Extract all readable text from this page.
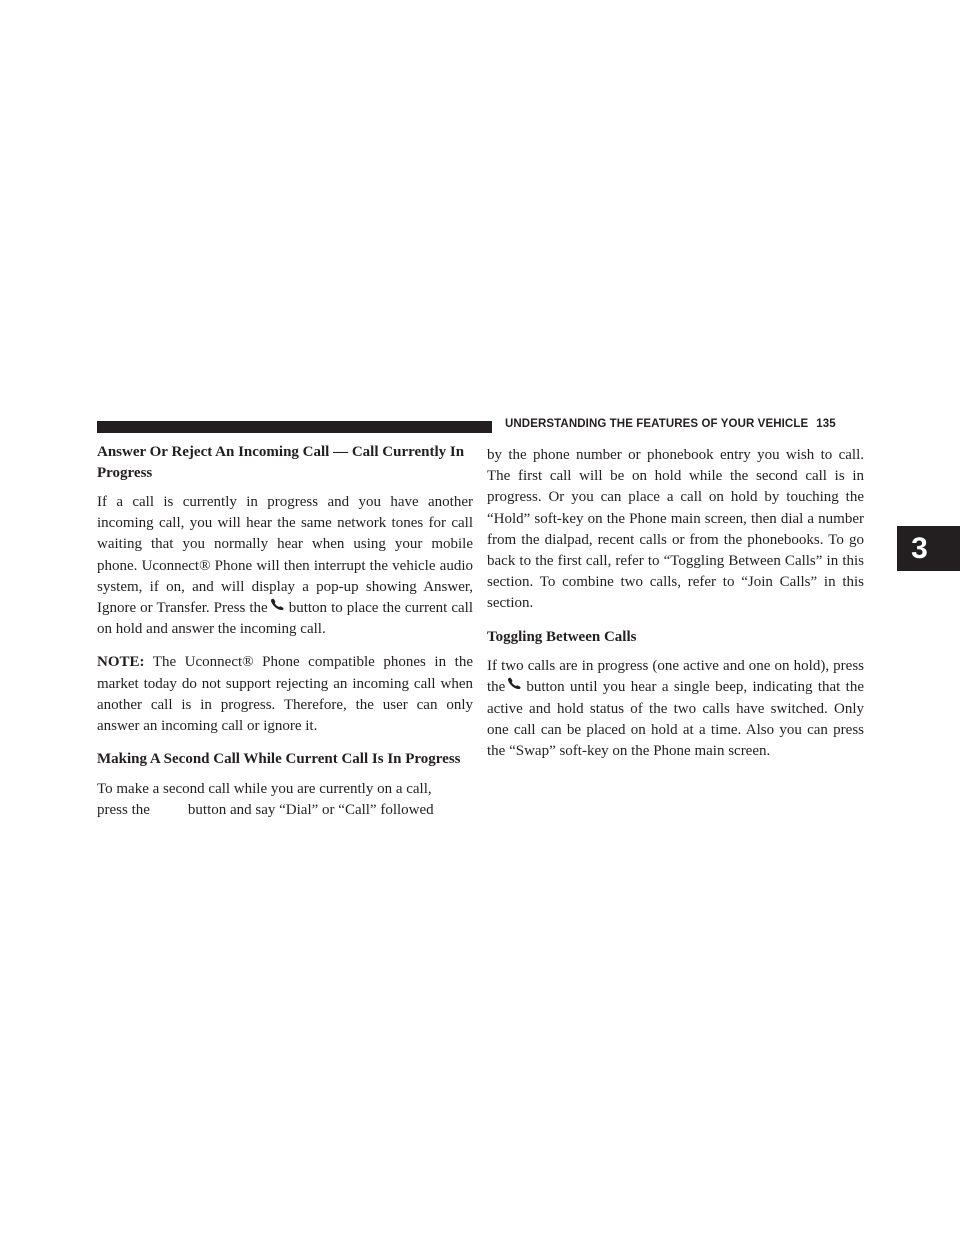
UNDERSTANDING THE FEATURES OF YOUR VEHICLE 135
3
Answer Or Reject An Incoming Call — Call Currently In Progress

If a call is currently in progress and you have another incoming call, you will hear the same network tones for call waiting that you normally hear when using your mobile phone. Uconnect® Phone will then interrupt the vehicle audio system, if on, and will display a pop-up showing Answer, Ignore or Transfer. Press the button to place the current call on hold and answer the incoming call.

NOTE: The Uconnect® Phone compatible phones in the market today do not support rejecting an incoming call when another call is in progress. Therefore, the user can only answer an incoming call or ignore it.

Making A Second Call While Current Call Is In Progress

To make a second call while you are currently on a call,
press the	button and say “Dial” or “Call” followed

by the phone number or phonebook entry you wish to call. The first call will be on hold while the second call is in progress. Or you can place a call on hold by touching the “Hold” soft-key on the Phone main screen, then dial a number from the dialpad, recent calls or from the phonebooks. To go back to the first call, refer to “Toggling Between Calls” in this section. To combine two calls, refer to “Join Calls” in this section.

Toggling Between Calls

If two calls are in progress (one active and one on hold), press the button until you hear a single beep, indicating that the active and hold status of the two calls have switched. Only one call can be placed on hold at a time. Also you can press the “Swap” soft-key on the Phone main screen.
